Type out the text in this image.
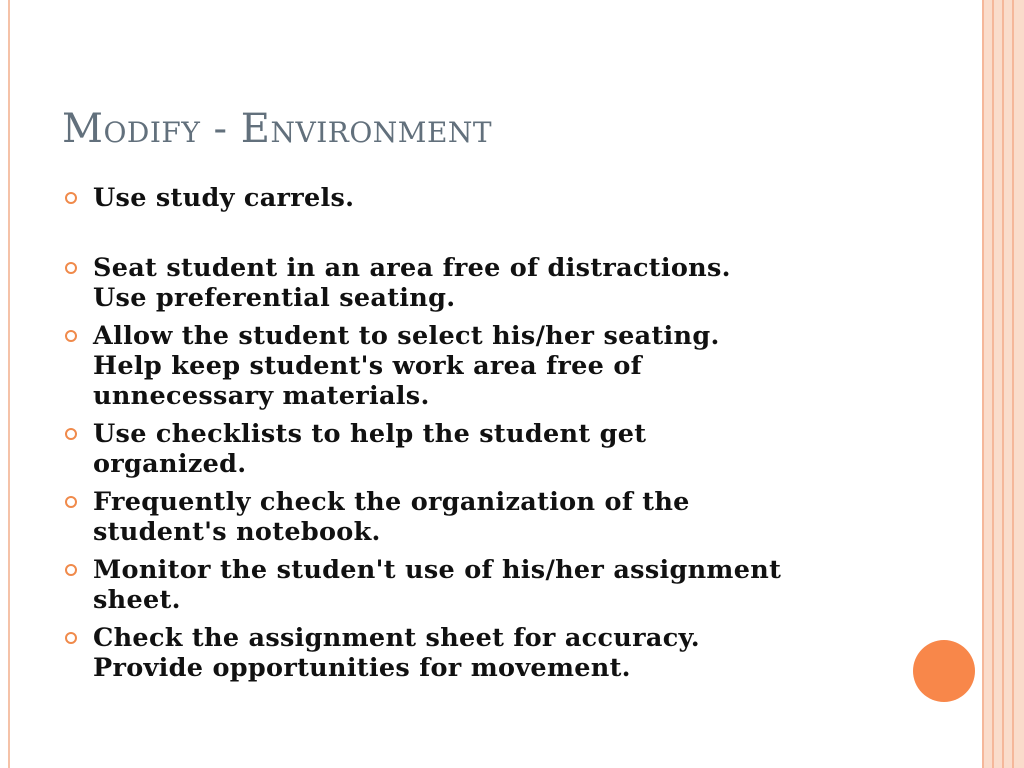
Modify - Environment
Use study carrels.
Seat student in an area free of distractions.
Use preferential seating.
Allow the student to select his/her seating.
Help keep student's work area free of
unnecessary materials.
Use checklists to help the student get
organized.
Frequently check the organization of the
student's notebook.
Monitor the studen't use of his/her assignment
sheet.
Check the assignment sheet for accuracy.
Provide opportunities for movement.
